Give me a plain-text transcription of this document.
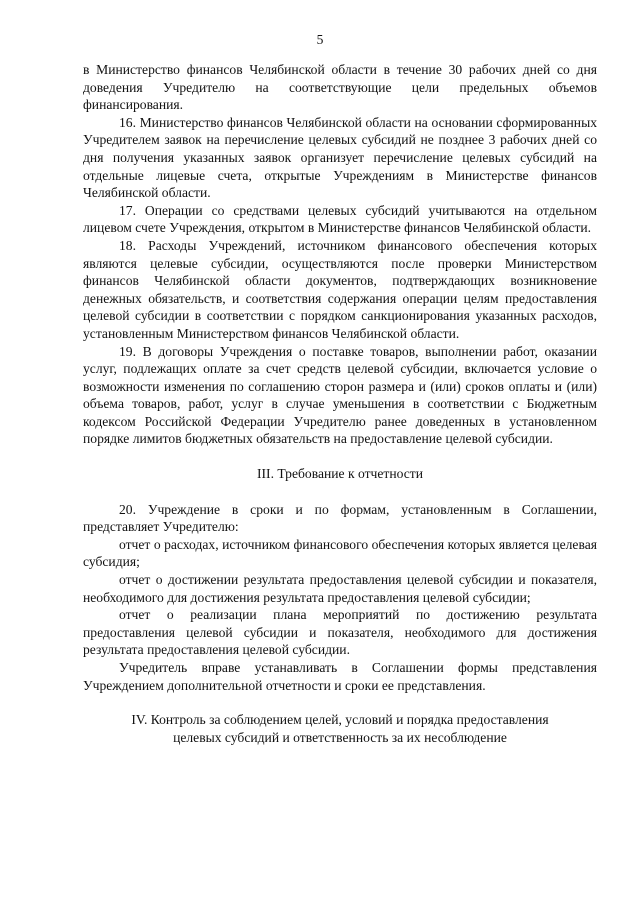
5

в Министерство финансов Челябинской области в течение 30 рабочих дней со дня доведения Учредителю на соответствующие цели предельных объемов финансирования.

16. Министерство финансов Челябинской области на основании сформированных Учредителем заявок на перечисление целевых субсидий не позднее 3 рабочих дней со дня получения указанных заявок организует перечисление целевых субсидий на отдельные лицевые счета, открытые Учреждениям в Министерстве финансов Челябинской области.

17. Операции со средствами целевых субсидий учитываются на отдельном лицевом счете Учреждения, открытом в Министерстве финансов Челябинской области.

18. Расходы Учреждений, источником финансового обеспечения которых являются целевые субсидии, осуществляются после проверки Министерством финансов Челябинской области документов, подтверждающих возникновение денежных обязательств, и соответствия содержания операции целям предоставления целевой субсидии в соответствии с порядком санкционирования указанных расходов, установленным Министерством финансов Челябинской области.

19. В договоры Учреждения о поставке товаров, выполнении работ, оказании услуг, подлежащих оплате за счет средств целевой субсидии, включается условие о возможности изменения по соглашению сторон размера и (или) сроков оплаты и (или) объема товаров, работ, услуг в случае уменьшения в соответствии с Бюджетным кодексом Российской Федерации Учредителю ранее доведенных в установленном порядке лимитов бюджетных обязательств на предоставление целевой субсидии.

III. Требование к отчетности

20. Учреждение в сроки и по формам, установленным в Соглашении, представляет Учредителю:

отчет о расходах, источником финансового обеспечения которых является целевая субсидия;

отчет о достижении результата предоставления целевой субсидии и показателя, необходимого для достижения результата предоставления целевой субсидии;

отчет о реализации плана мероприятий по достижению результата предоставления целевой субсидии и показателя, необходимого для достижения результата предоставления целевой субсидии.

Учредитель вправе устанавливать в Соглашении формы представления Учреждением дополнительной отчетности и сроки ее представления.

IV. Контроль за соблюдением целей, условий и порядка предоставления
целевых субсидий и ответственность за их несоблюдение
